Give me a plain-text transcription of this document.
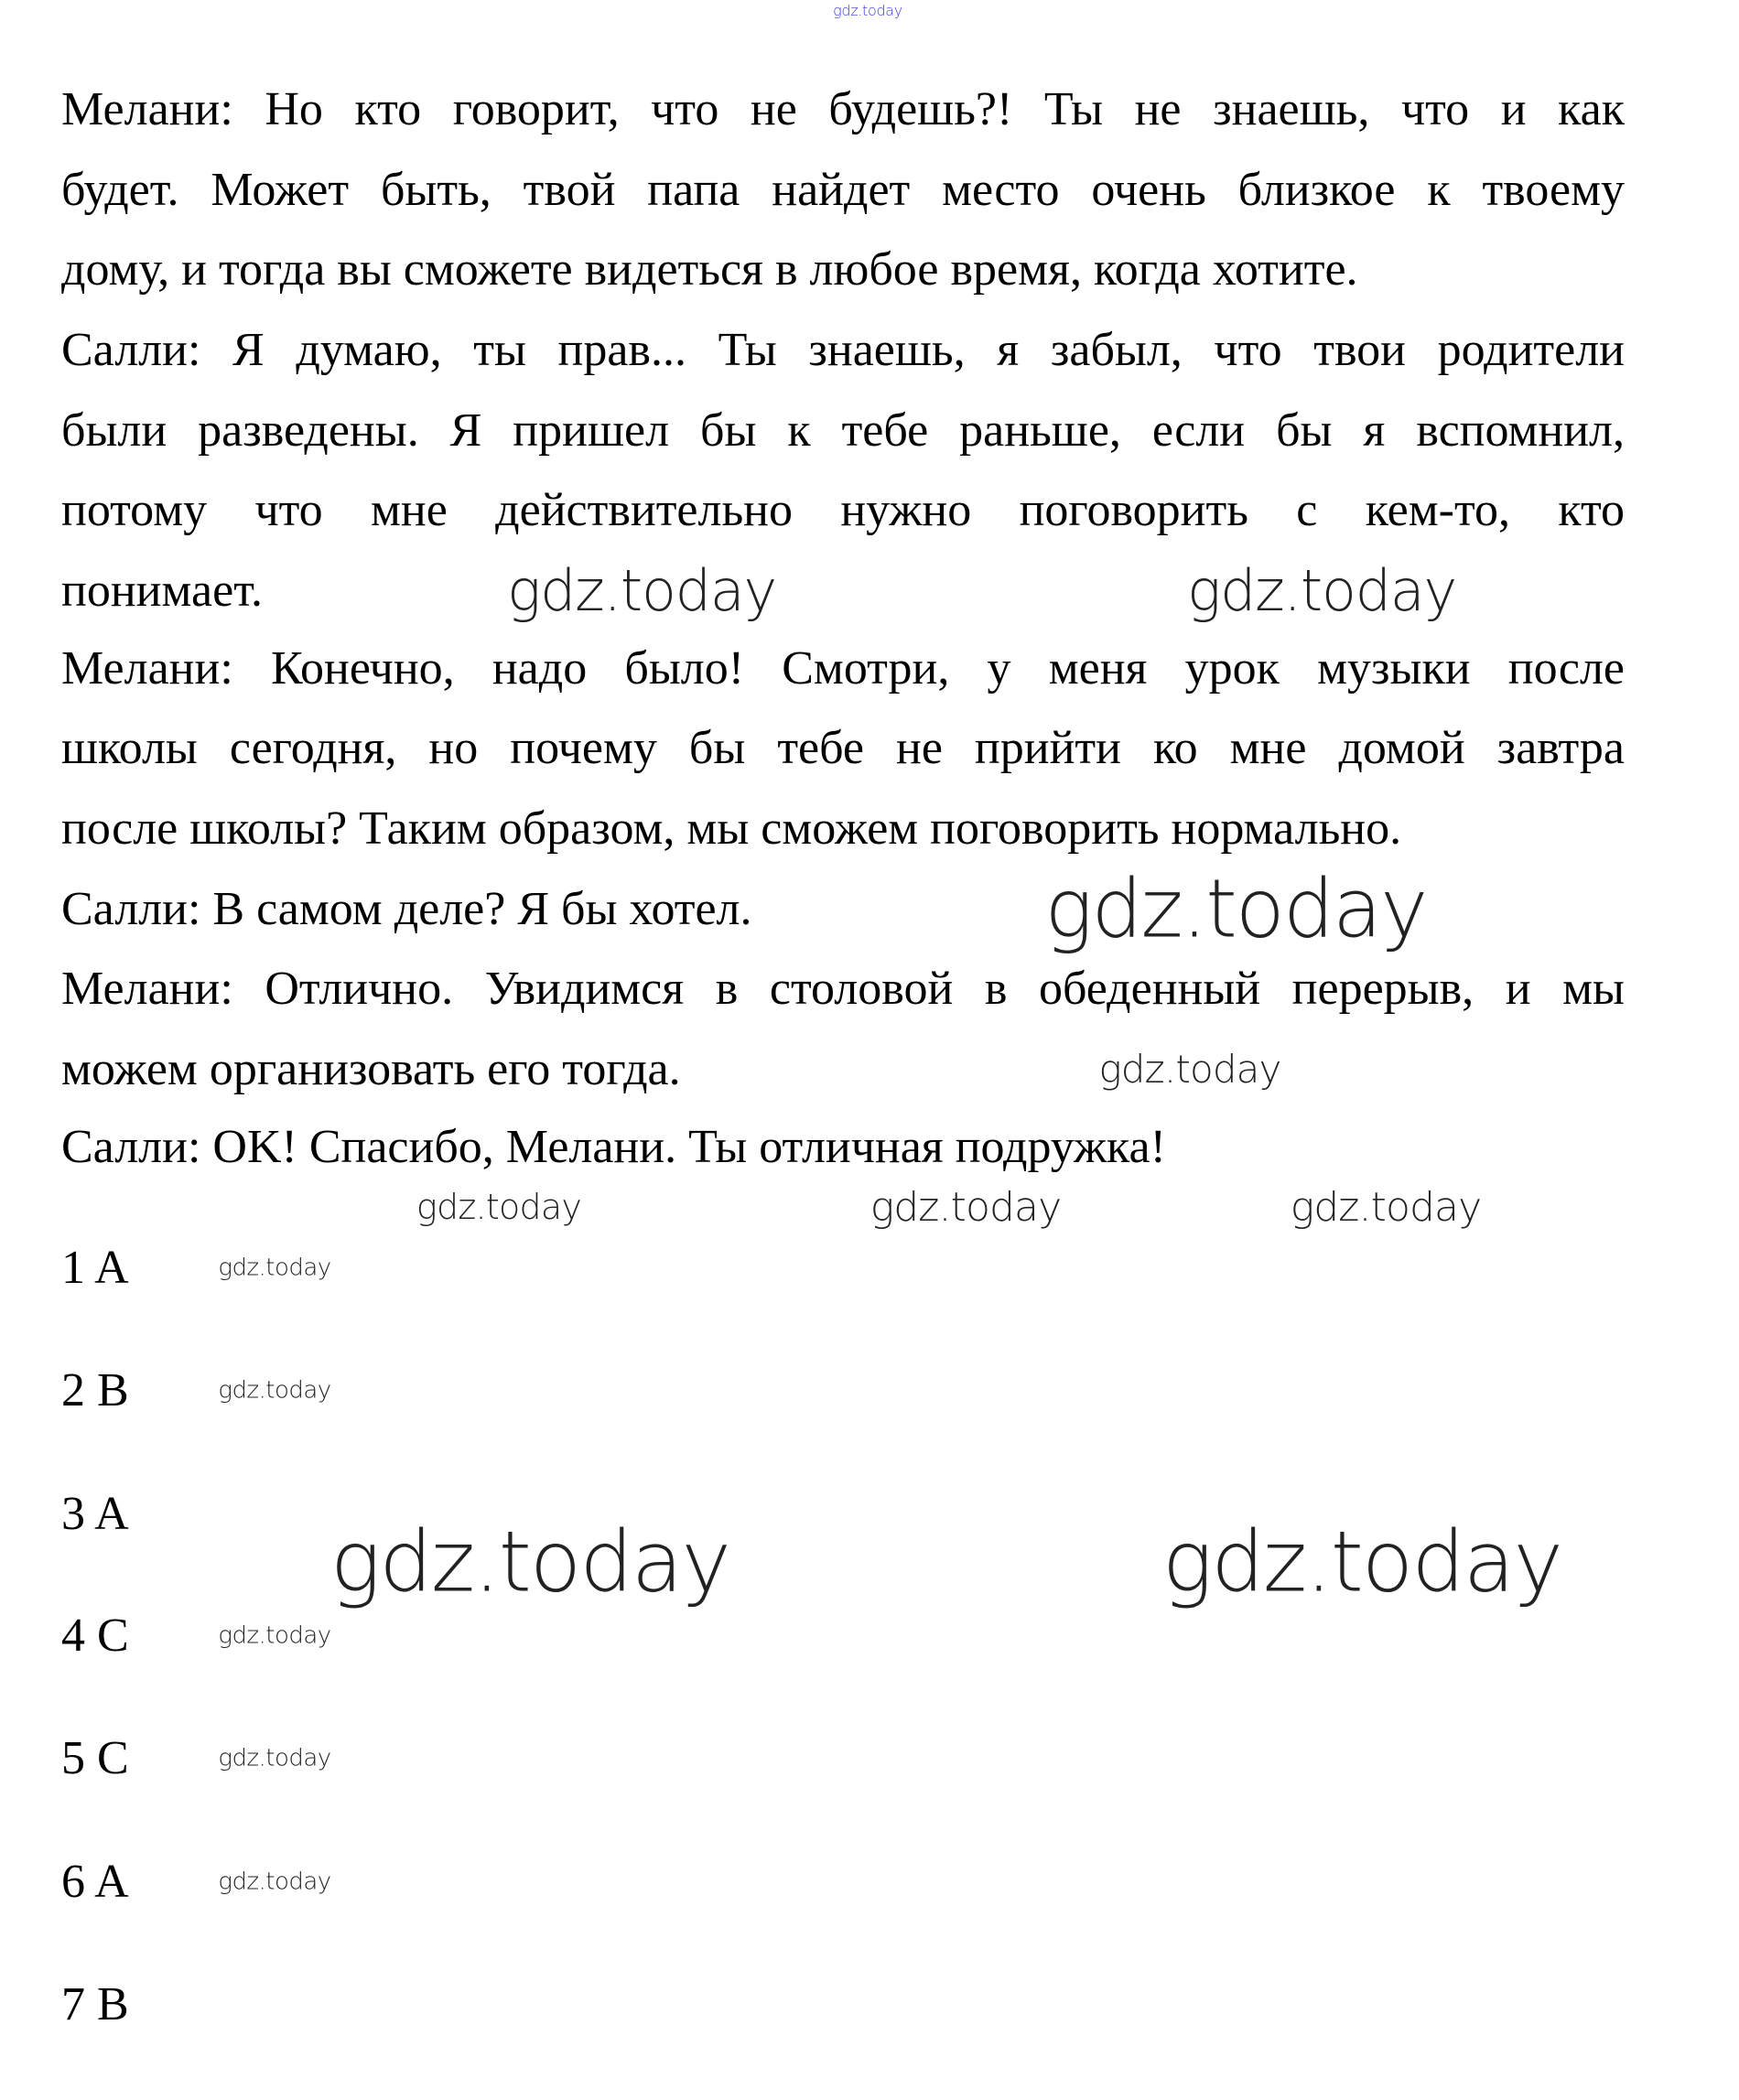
gdz.today
Мелани: Но кто говорит, что не будешь?! Ты не знаешь, что и как
будет. Может быть, твой папа найдет место очень близкое к твоему
дому, и тогда вы сможете видеться в любое время, когда хотите.
Салли: Я думаю, ты прав... Ты знаешь, я забыл, что твои родители
были разведены. Я пришел бы к тебе раньше, если бы я вспомнил,
потому что мне действительно нужно поговорить с кем-то, кто
понимает.
Мелани: Конечно, надо было! Смотри, у меня урок музыки после
школы сегодня, но почему бы тебе не прийти ко мне домой завтра
после школы? Таким образом, мы сможем поговорить нормально.
Салли: В самом деле? Я бы хотел.
Мелани: Отлично. Увидимся в столовой в обеденный перерыв, и мы
можем организовать его тогда.
Салли: OK! Спасибо, Мелани. Ты отличная подружка!
1 A
2 B
3 A
4 C
5 C
6 A
7 B
gdz.today
gdz.today	gdz.today	gdz.today
gdz.today
gdz.today
gdz.today	gdz.today
gdz.today
gdz.today
gdz.today
gdz.today
gdz.today	gdz.today
